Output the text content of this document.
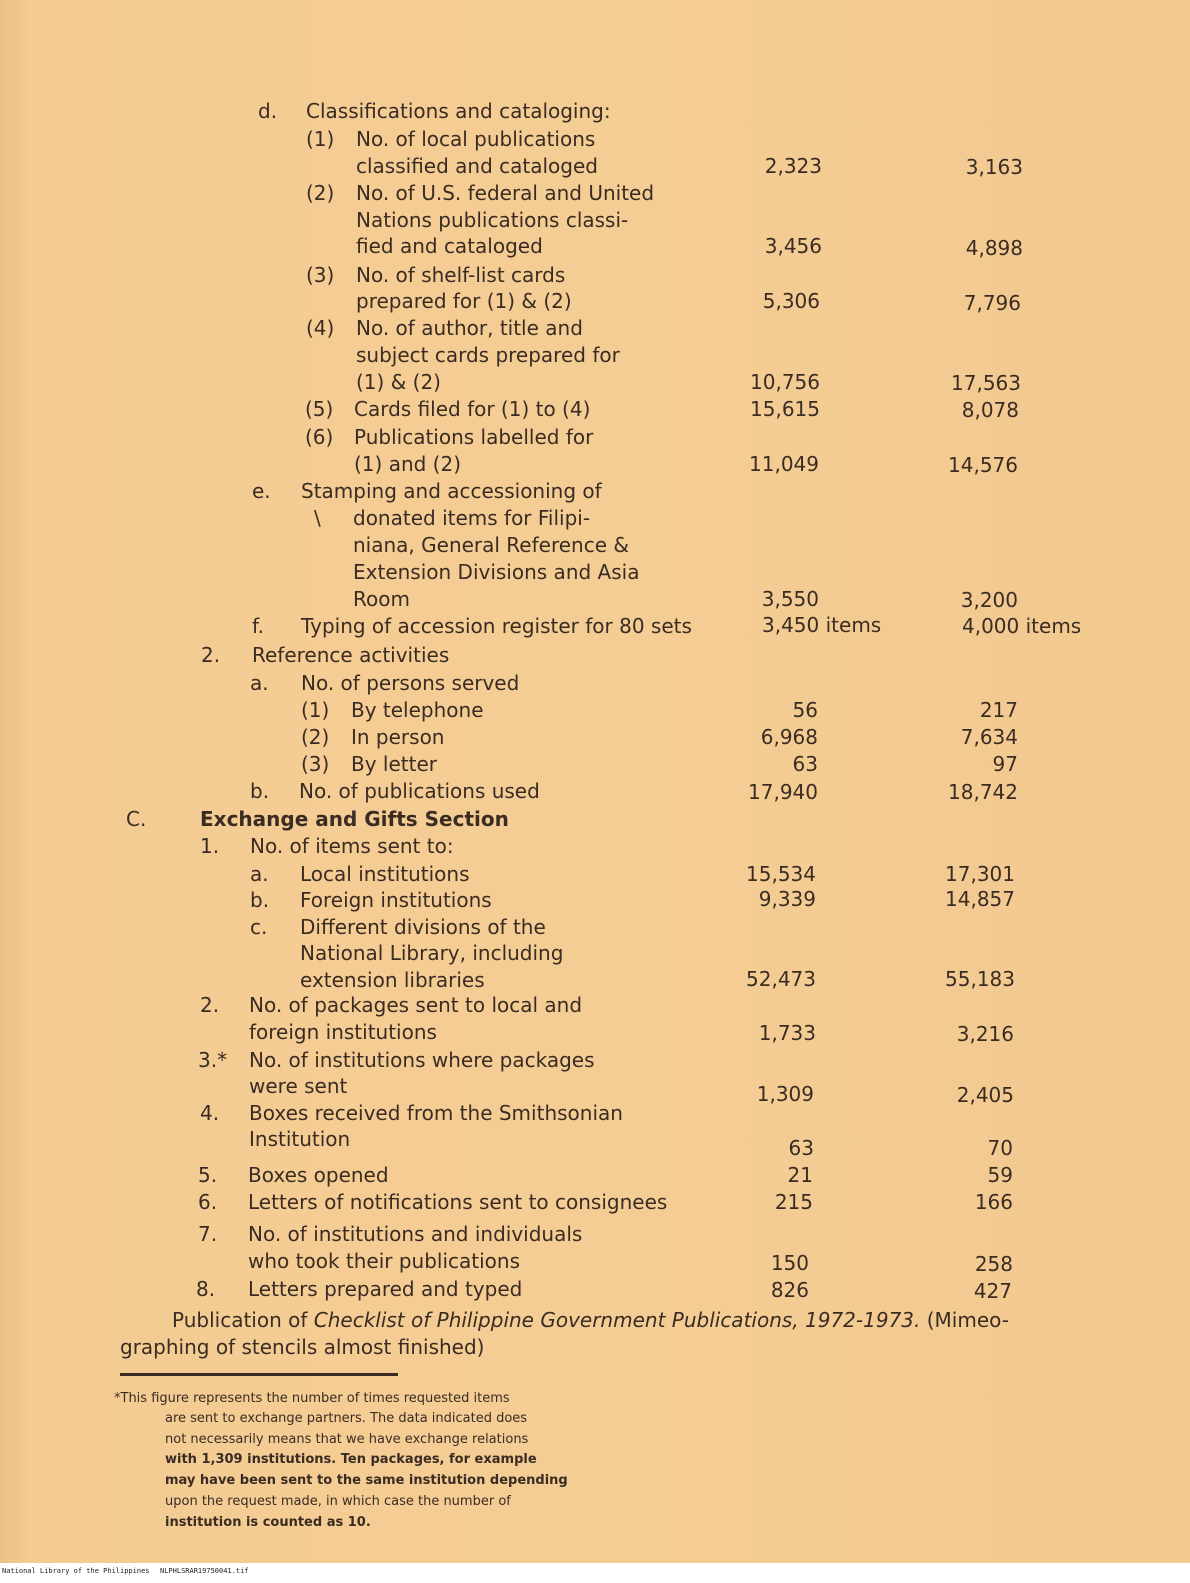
d. Classifications and cataloging:
(1) No. of local publications
classified and cataloged	2,323	3,163
(2) No. of U.S. federal and United
Nations publications classi-
fied and cataloged	3,456	4,898
(3) No. of shelf-list cards
prepared for (1) & (2)	5,306	7,796
(4) No. of author, title and
subject cards prepared for
(1) & (2)	10,756	17,563
(5) Cards filed for (1) to (4)	15,615	8,078
(6) Publications labelled for
(1) and (2)	11,049	14,576
e. Stamping and accessioning of
\ donated items for Filipi-
niana, General Reference &
Extension Divisions and Asia
Room	3,550	3,200
f. Typing of accession register for 80 sets	3,450 items	4,000 items
2. Reference activities
a. No. of persons served
(1) By telephone	56	217
(2) In person	6,968	7,634
(3) By letter	63	97
b. No. of publications used	17,940	18,742
C.	Exchange and Gifts Section
1. No. of items sent to:
a. Local institutions	15,534	17,301
b. Foreign institutions	9,339	14,857
c. Different divisions of the
National Library, including
extension libraries	52,473	55,183
2. No. of packages sent to local and
foreign institutions	1,733	3,216
3.* No. of institutions where packages
were sent	1,309	2,405
4. Boxes received from the Smithsonian
Institution	63	70
5. Boxes opened	21	59
6. Letters of notifications sent to consignees	215	166
7. No. of institutions and individuals
who took their publications	150	258
8. Letters prepared and typed	826	427
Publication of Checklist of Philippine Government Publications, 1972-1973. (Mimeo-
graphing of stencils almost finished)
*This figure represents the number of times requested items
are sent to exchange partners. The data indicated does
not necessarily means that we have exchange relations
with 1,309 institutions. Ten packages, for example
may have been sent to the same institution depending
upon the request made, in which case the number of
institution is counted as 10.
National Library of the Philippines NLPHLSRAR19750041.tif
